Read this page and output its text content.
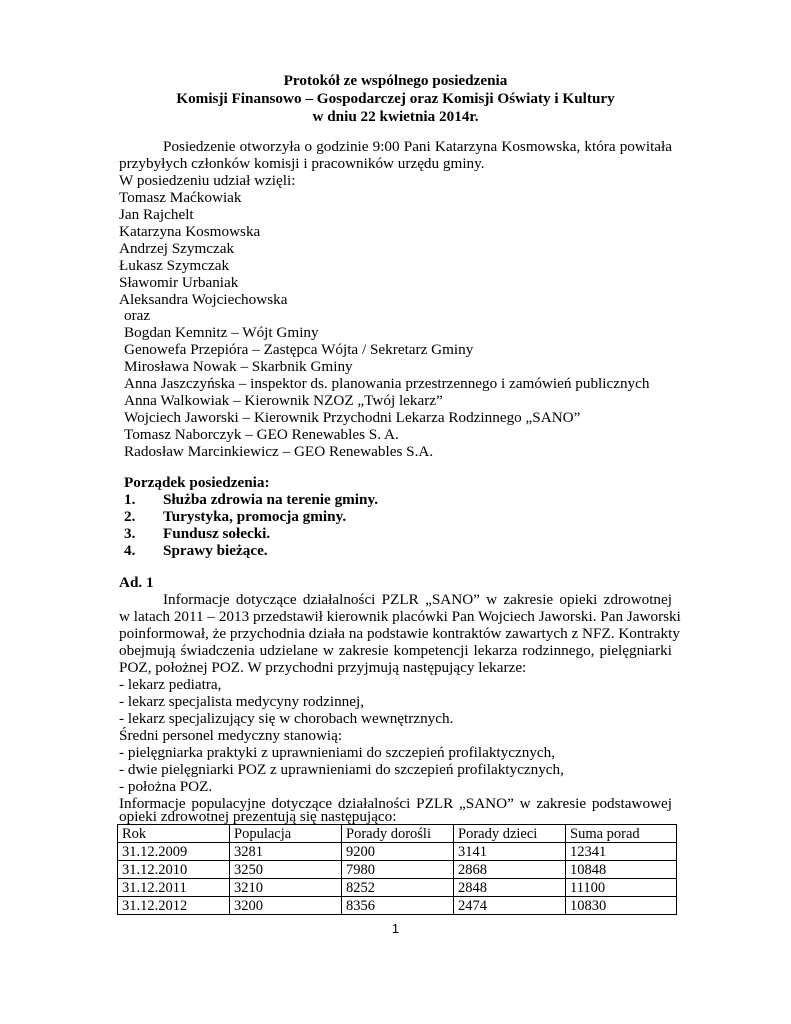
Protokół ze wspólnego posiedzenia
Komisji Finansowo – Gospodarczej oraz Komisji Oświaty i Kultury
w dniu 22 kwietnia 2014r.
Posiedzenie otworzyła o godzinie 9:00 Pani Katarzyna Kosmowska, która powitała
przybyłych członków komisji i pracowników urzędu gminy.
W posiedzeniu udział wzięli:
Tomasz Maćkowiak
Jan Rajchelt
Katarzyna Kosmowska
Andrzej Szymczak
Łukasz Szymczak
Sławomir Urbaniak
Aleksandra Wojciechowska
oraz
Bogdan Kemnitz – Wójt Gminy
Genowefa Przepióra – Zastępca Wójta / Sekretarz Gminy
Mirosława Nowak – Skarbnik Gminy
Anna Jaszczyńska – inspektor ds. planowania przestrzennego i zamówień publicznych
Anna Walkowiak – Kierownik NZOZ „Twój lekarz”
Wojciech Jaworski – Kierownik Przychodni Lekarza Rodzinnego „SANO”
Tomasz Naborczyk – GEO Renewables S. A.
Radosław Marcinkiewicz – GEO Renewables S.A.
Porządek posiedzenia:
1. Służba zdrowia na terenie gminy.
2. Turystyka, promocja gminy.
3. Fundusz sołecki.
4. Sprawy bieżące.
Ad. 1
Informacje dotyczące działalności PZLR „SANO” w zakresie opieki zdrowotnej
w latach 2011 – 2013 przedstawił kierownik placówki Pan Wojciech Jaworski. Pan Jaworski
poinformował, że przychodnia działa na podstawie kontraktów zawartych z NFZ. Kontrakty
obejmują świadczenia udzielane w zakresie kompetencji lekarza rodzinnego, pielęgniarki
POZ, położnej POZ. W przychodni przyjmują następujący lekarze:
- lekarz pediatra,
- lekarz specjalista medycyny rodzinnej,
- lekarz specjalizujący się w chorobach wewnętrznych.
Średni personel medyczny stanowią:
- pielęgniarka praktyki z uprawnieniami do szczepień profilaktycznych,
- dwie pielęgniarki POZ z uprawnieniami do szczepień profilaktycznych,
- położna POZ.
Informacje populacyjne dotyczące działalności PZLR „SANO” w zakresie podstawowej
opieki zdrowotnej prezentują się następująco:
Rok	Populacja	Porady dorośli	Porady dzieci	Suma porad
31.12.2009	3281	9200	3141	12341
31.12.2010	3250	7980	2868	10848
31.12.2011	3210	8252	2848	11100
31.12.2012	3200	8356	2474	10830
1
